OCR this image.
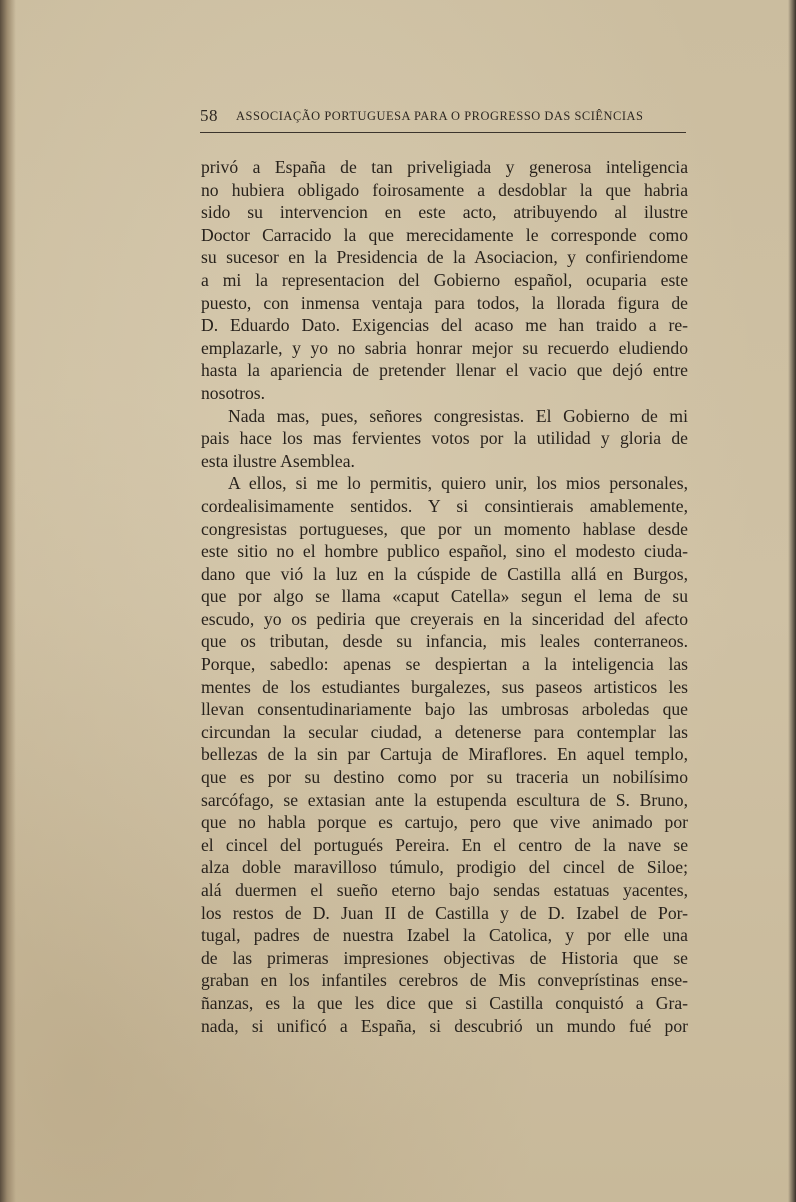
58 ASSOCIAÇÃO PORTUGUESA PARA O PROGRESSO DAS SCIÊNCIAS
privó a España de tan priveligiada y generosa inteligencia
no hubiera obligado foirosamente a desdoblar la que habria
sido su intervencion en este acto, atribuyendo al ilustre
Doctor Carracido la que merecidamente le corresponde como
su sucesor en la Presidencia de la Asociacion, y confiriendome
a mi la representacion del Gobierno español, ocuparia este
puesto, con inmensa ventaja para todos, la llorada figura de
D. Eduardo Dato. Exigencias del acaso me han traido a re-
emplazarle, y yo no sabria honrar mejor su recuerdo eludiendo
hasta la apariencia de pretender llenar el vacio que dejó entre
nosotros.
Nada mas, pues, señores congresistas. El Gobierno de mi
pais hace los mas fervientes votos por la utilidad y gloria de
esta ilustre Asemblea.
A ellos, si me lo permitis, quiero unir, los mios personales,
cordealisimamente sentidos. Y si consintierais amablemente,
congresistas portugueses, que por un momento hablase desde
este sitio no el hombre publico español, sino el modesto ciuda-
dano que vió la luz en la cúspide de Castilla allá en Burgos,
que por algo se llama «caput Catella» segun el lema de su
escudo, yo os pediria que creyerais en la sinceridad del afecto
que os tributan, desde su infancia, mis leales conterraneos.
Porque, sabedlo: apenas se despiertan a la inteligencia las
mentes de los estudiantes burgalezes, sus paseos artisticos les
llevan consentudinariamente bajo las umbrosas arboledas que
circundan la secular ciudad, a detenerse para contemplar las
bellezas de la sin par Cartuja de Miraflores. En aquel templo,
que es por su destino como por su traceria un nobilísimo
sarcófago, se extasian ante la estupenda escultura de S. Bruno,
que no habla porque es cartujo, pero que vive animado por
el cincel del portugués Pereira. En el centro de la nave se
alza doble maravilloso túmulo, prodigio del cincel de Siloe;
alá duermen el sueño eterno bajo sendas estatuas yacentes,
los restos de D. Juan II de Castilla y de D. Izabel de Por-
tugal, padres de nuestra Izabel la Catolica, y por elle una
de las primeras impresiones objectivas de Historia que se
graban en los infantiles cerebros de Mis conveprístinas ense-
ñanzas, es la que les dice que si Castilla conquistó a Gra-
nada, si unificó a España, si descubrió un mundo fué por
